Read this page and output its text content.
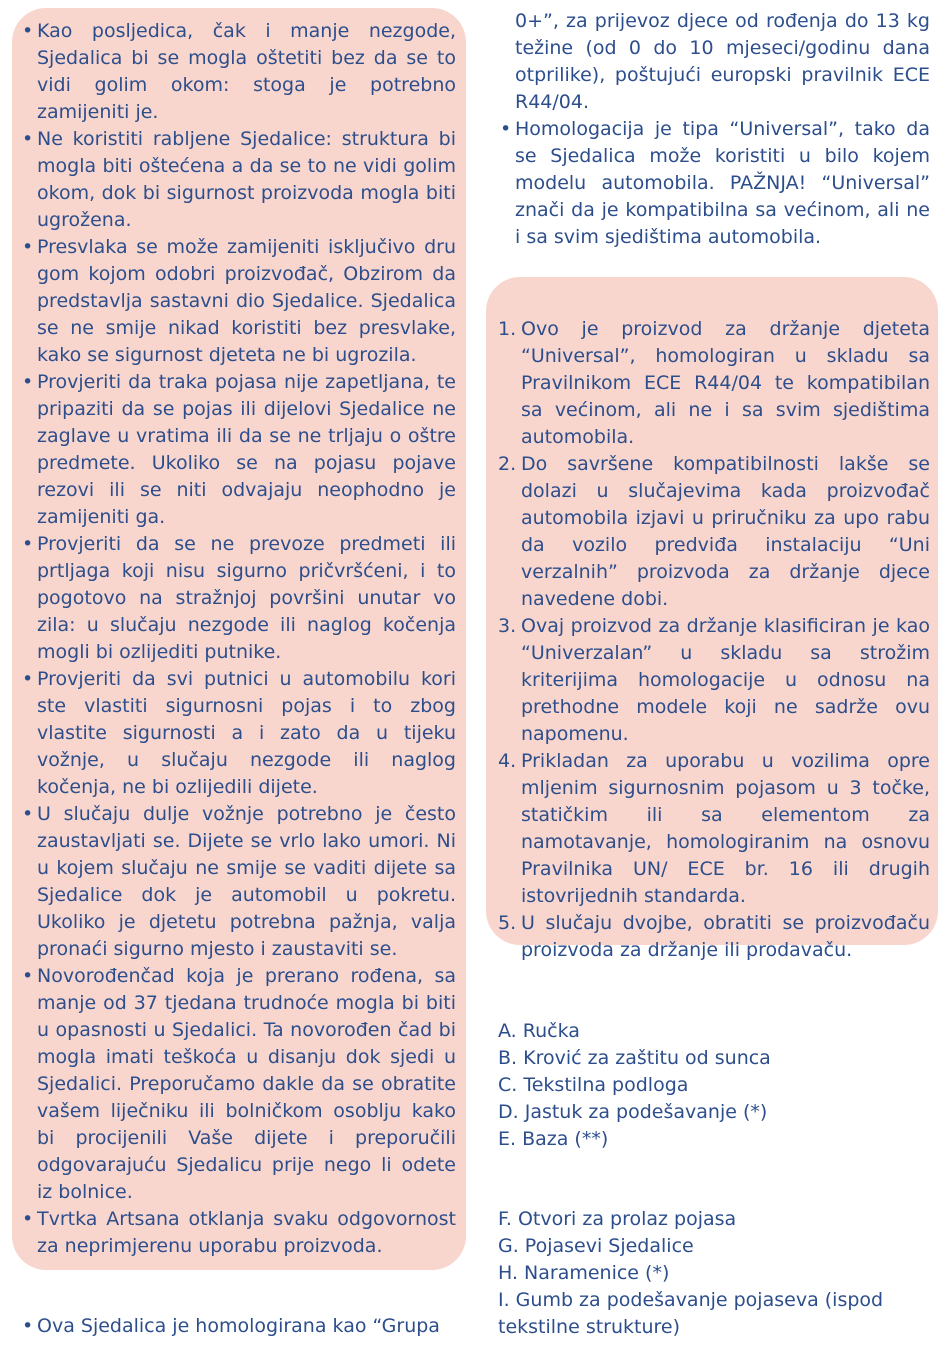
• Kao posljedica, čak i manje nezgode, Sjedalica bi se mogla oštetiti bez da se to vidi golim okom: stoga je potrebno zamijeniti je.
• Ne koristiti rabljene Sjedalice: struktura bi mogla biti oštećena a da se to ne vidi golim okom, dok bi sigurnost proizvoda mogla biti ugrožena.
• Presvlaka se može zamijeniti isključivo dru gom kojom odobri proizvođač, Obzirom da predstavlja sastavni dio Sjedalice. Sjedalica se ne smije nikad koristiti bez presvlake, kako se sigurnost djeteta ne bi ugrozila.
• Provjeriti da traka pojasa nije zapetljana, te pripaziti da se pojas ili dijelovi Sjedalice ne zaglave u vratima ili da se ne trljaju o oštre predmete. Ukoliko se na pojasu pojave rezovi ili se niti odvajaju neophodno je zamijeniti ga.
• Provjeriti da se ne prevoze predmeti ili prtljaga koji nisu sigurno pričvršćeni, i to pogotovo na stražnjoj površini unutar vo zila: u slučaju nezgode ili naglog kočenja mogli bi ozlijediti putnike.
• Provjeriti da svi putnici u automobilu kori ste vlastiti sigurnosni pojas i to zbog vlastite sigurnosti a i zato da u tijeku vožnje, u slučaju nezgode ili naglog kočenja, ne bi ozlijedili dijete.
• U slučaju dulje vožnje potrebno je često zaustavljati se. Dijete se vrlo lako umori. Ni u kojem slučaju ne smije se vaditi dijete sa Sjedalice dok je automobil u pokretu. Ukoliko je djetetu potrebna pažnja, valja pronaći sigurno mjesto i zaustaviti se.
• Novorođenčad koja je prerano rođena, sa manje od 37 tjedana trudnoće mogla bi biti u opasnosti u Sjedalici. Ta novorođen čad bi mogla imati teškoća u disanju dok sjedi u Sjedalici. Preporučamo dakle da se obratite vašem liječniku ili bolničkom osoblju kako bi procijenili Vaše dijete i preporučili odgovarajuću Sjedalicu prije nego li odete iz bolnice.
• Tvrtka Artsana otklanja svaku odgovornost za neprimjerenu uporabu proizvoda.
• Ova Sjedalica je homologirana kao “Grupa
0+”, za prijevoz djece od rođenja do 13 kg težine (od 0 do 10 mjeseci/godinu dana otprilike), poštujući europski pravilnik ECE R44/04.
• Homologacija je tipa “Universal”, tako da se Sjedalica može koristiti u bilo kojem modelu automobila. PAŽNJA! “Universal” znači da je kompatibilna sa većinom, ali ne i sa svim sjedištima automobila.
1. Ovo je proizvod za držanje djeteta “Universal”, homologiran u skladu sa Pravilnikom ECE R44/04 te kompatibilan sa većinom, ali ne i sa svim sjedištima automobila.
2. Do savršene kompatibilnosti lakše se dolazi u slučajevima kada proizvođač automobila izjavi u priručniku za upo rabu da vozilo predviđa instalaciju “Uni verzalnih” proizvoda za držanje djece navedene dobi.
3. Ovaj proizvod za držanje klasificiran je kao “Univerzalan” u skladu sa strožim kriterijima homologacije u odnosu na prethodne modele koji ne sadrže ovu napomenu.
4. Prikladan za uporabu u vozilima opre mljenim sigurnosnim pojasom u 3 točke, statičkim ili sa elementom za namotavanje, homologiranim na osnovu Pravilnika UN/ ECE br. 16 ili drugih istovrijednih standarda.
5. U slučaju dvojbe, obratiti se proizvođaču proizvoda za držanje ili prodavaču.
A. Ručka
B. Krović za zaštitu od sunca
C. Tekstilna podloga
D. Jastuk za podešavanje (*)
E. Baza (**)
F. Otvori za prolaz pojasa
G. Pojasevi Sjedalice
H. Naramenice (*)
I. Gumb za podešavanje pojaseva (ispod tekstilne strukture)
